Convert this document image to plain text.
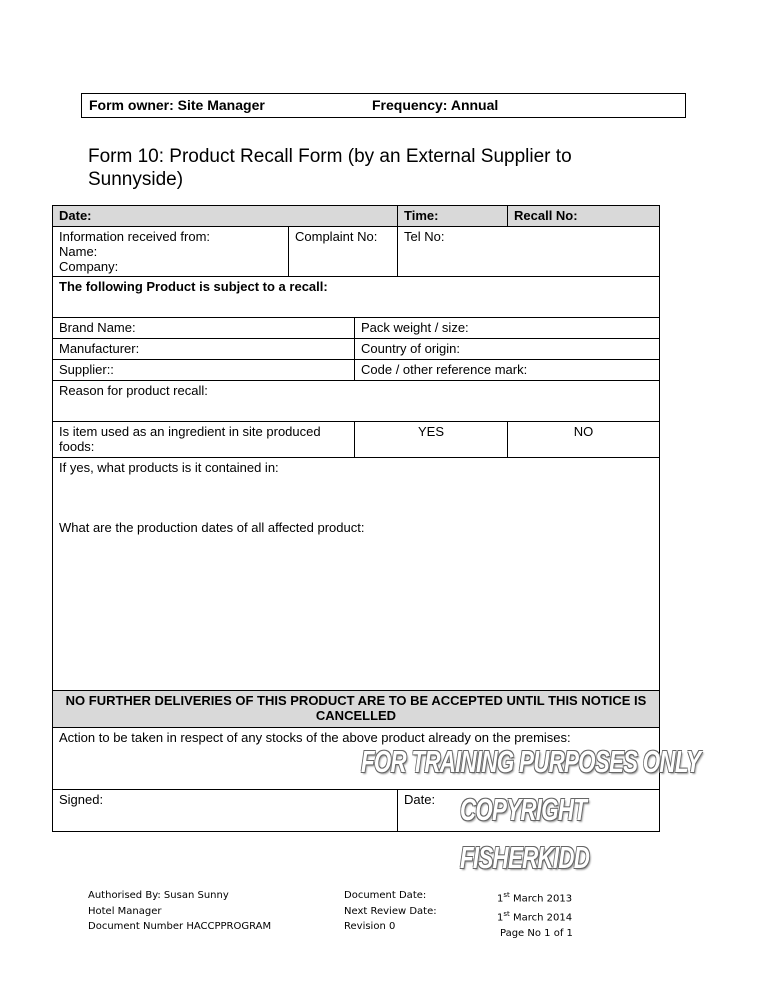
Form owner: Site Manager	Frequency: Annual
Form 10: Product Recall Form (by an External Supplier to Sunnyside)
Date:			Time:	Recall No:

Information received from:
Name:
Company:	Complaint No:		Tel No:	
The following Product is subject to a recall:				
Brand Name:		Pack weight / size:		
Manufacturer:		Country of origin:		
Supplier::		Code / other reference mark:		
Reason for product recall:				
Is item used as an ingredient in site produced foods:		YES		NO

If yes, what products is it contained in:
What are the production dates of all affected product:				

NO FURTHER DELIVERIES OF THIS PRODUCT ARE TO BE ACCEPTED UNTIL THIS NOTICE IS CANCELLED				
Action to be taken in respect of any stocks of the above product already on the premises:				
Signed:			Date:	
FOR TRAINING PURPOSES ONLY
COPYRIGHT
FISHERKIDD
Authorised By: Susan Sunny
Hotel Manager
Document Number HACCPPROGRAM
Document Date:
Next Review Date:
Revision 0
1st March 2013
1st March 2014
Page No 1 of 1
